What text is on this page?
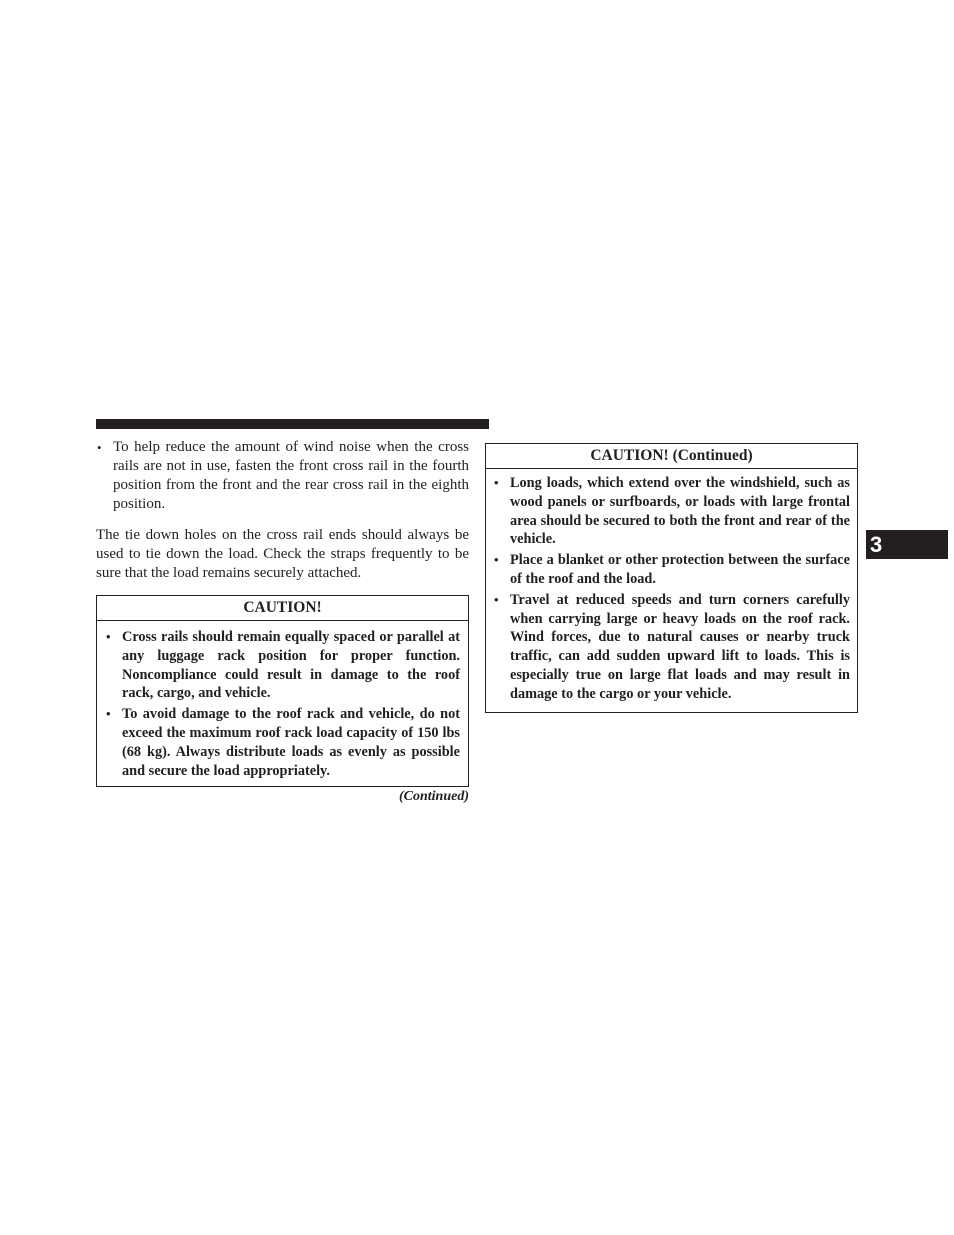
• To help reduce the amount of wind noise when the cross rails are not in use, fasten the front cross rail in the fourth position from the front and the rear cross rail in the eighth position.

The tie down holes on the cross rail ends should always be used to tie down the load. Check the straps frequently to be sure that the load remains securely attached.

CAUTION!
• Cross rails should remain equally spaced or parallel at any luggage rack position for proper function. Noncompliance could result in damage to the roof rack, cargo, and vehicle.
• To avoid damage to the roof rack and vehicle, do not exceed the maximum roof rack load capacity of 150 lbs (68 kg). Always distribute loads as evenly as possible and secure the load appropriately.
(Continued)
CAUTION! (Continued)
• Long loads, which extend over the windshield, such as wood panels or surfboards, or loads with large frontal area should be secured to both the front and rear of the vehicle.
• Place a blanket or other protection between the surface of the roof and the load.
• Travel at reduced speeds and turn corners carefully when carrying large or heavy loads on the roof rack. Wind forces, due to natural causes or nearby truck traffic, can add sudden upward lift to loads. This is especially true on large flat loads and may result in damage to the cargo or your vehicle.
3
